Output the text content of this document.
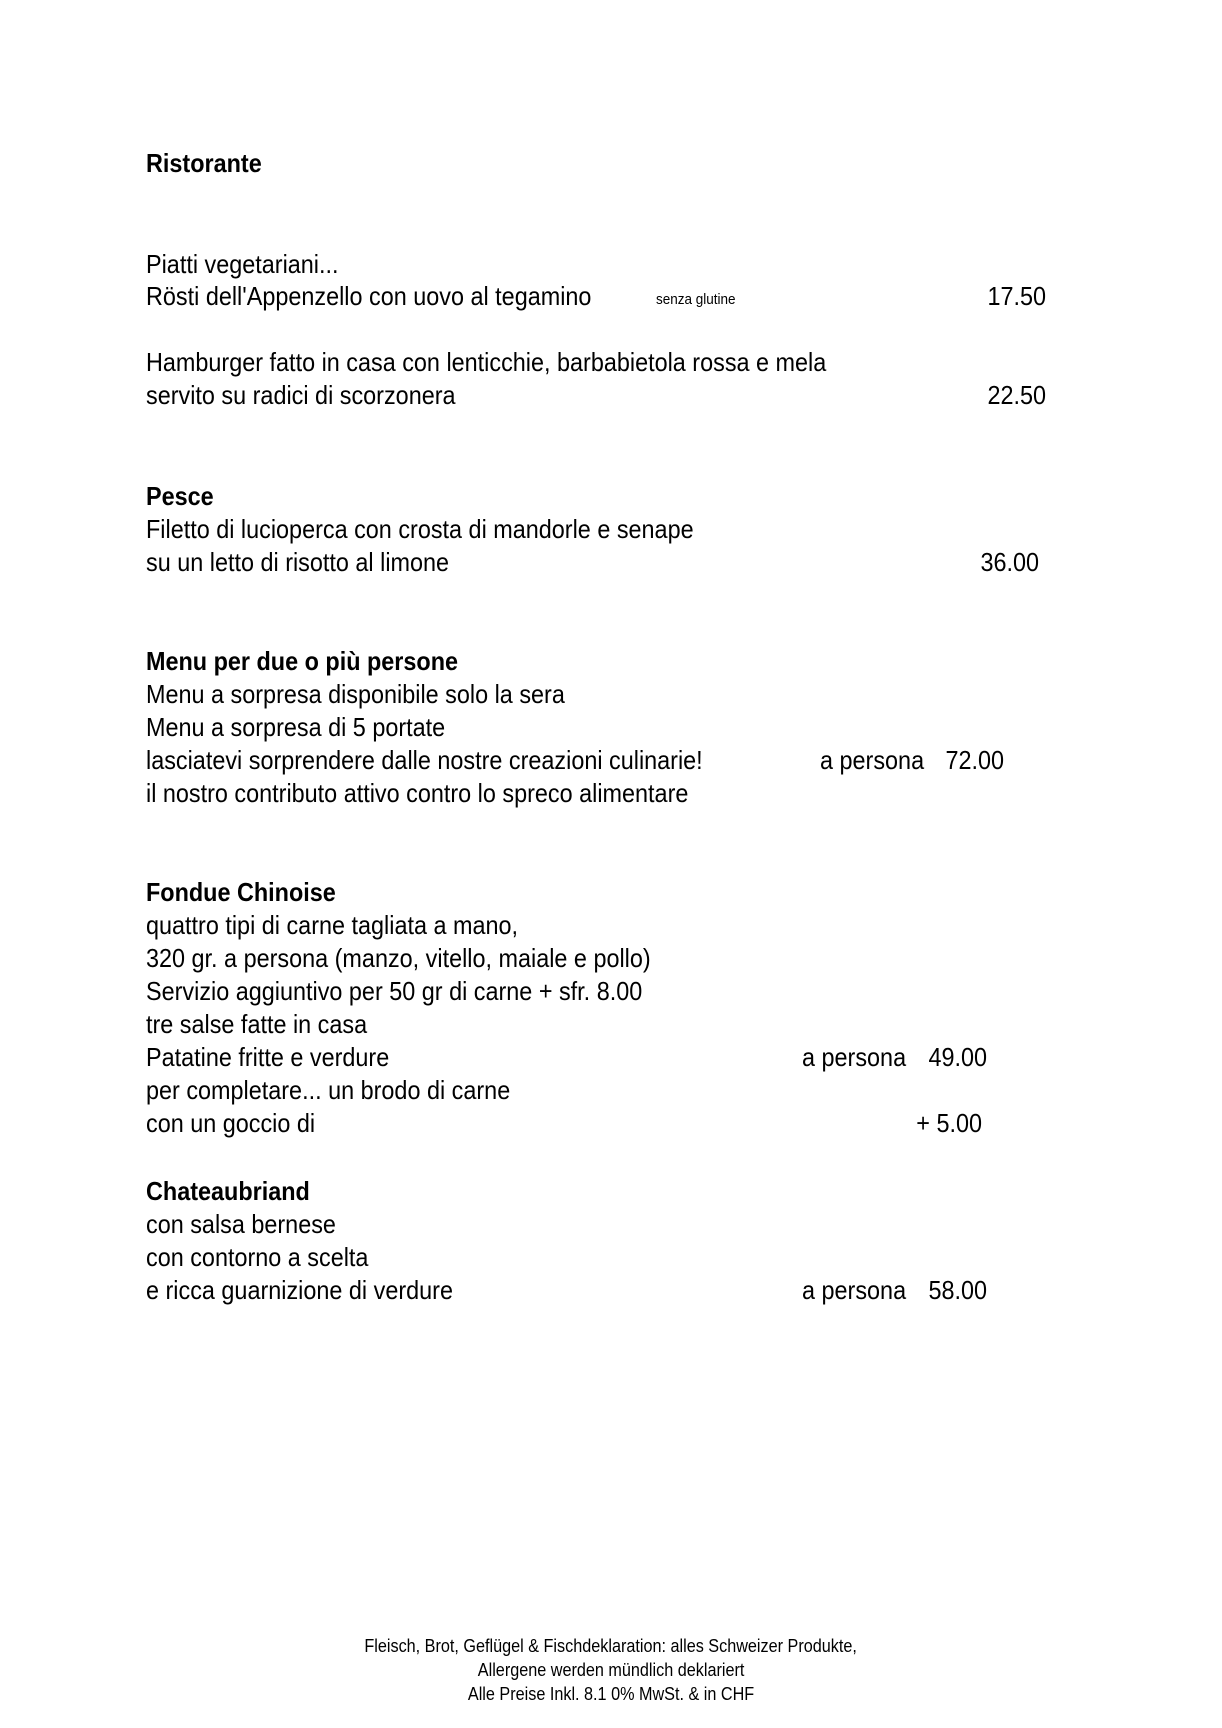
Ristorante
Piatti vegetariani...
Rösti dell'Appenzello con uovo al tegamino	senza glutine	17.50
Hamburger fatto in casa con lenticchie, barbabietola rossa e mela
servito su radici di scorzonera	22.50
Pesce
Filetto di lucioperca con crosta di mandorle e senape
su un letto di risotto al limone	36.00
Menu per due o più persone
Menu a sorpresa disponibile solo la sera
Menu a sorpresa di 5 portate
lasciatevi sorprendere dalle nostre creazioni culinarie!	a persona 72.00
il nostro contributo attivo contro lo spreco alimentare
Fondue Chinoise
quattro tipi di carne tagliata a mano,
320 gr. a persona (manzo, vitello, maiale e pollo)
Servizio aggiuntivo per 50 gr di carne + sfr. 8.00
tre salse fatte in casa
Patatine fritte e verdure	a persona 49.00
per completare... un brodo di carne
con un goccio di	+ 5.00
Chateaubriand
con salsa bernese
con contorno a scelta
e ricca guarnizione di verdure	a persona 58.00
Fleisch, Brot, Geflügel & Fischdeklaration: alles Schweizer Produkte,
Allergene werden mündlich deklariert
Alle Preise Inkl. 8.1 0% MwSt. & in CHF
